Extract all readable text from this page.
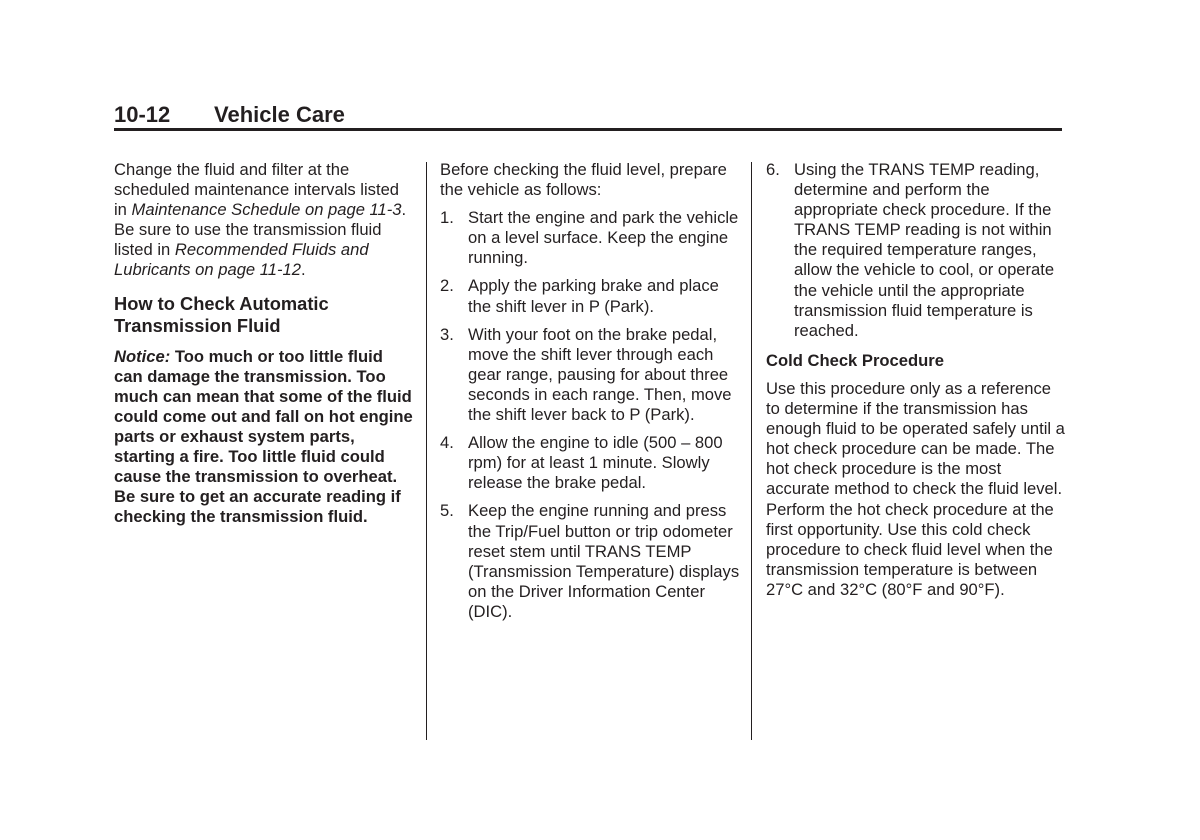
10-12 Vehicle Care

Change the fluid and filter at the scheduled maintenance intervals listed in Maintenance Schedule on page 11-3. Be sure to use the transmission fluid listed in Recommended Fluids and Lubricants on page 11-12.

How to Check Automatic Transmission Fluid

Notice: Too much or too little fluid can damage the transmission. Too much can mean that some of the fluid could come out and fall on hot engine parts or exhaust system parts, starting a fire. Too little fluid could cause the transmission to overheat. Be sure to get an accurate reading if checking the transmission fluid.

Before checking the fluid level, prepare the vehicle as follows:

1. Start the engine and park the vehicle on a level surface. Keep the engine running.
2. Apply the parking brake and place the shift lever in P (Park).
3. With your foot on the brake pedal, move the shift lever through each gear range, pausing for about three seconds in each range. Then, move the shift lever back to P (Park).
4. Allow the engine to idle (500 – 800 rpm) for at least 1 minute. Slowly release the brake pedal.
5. Keep the engine running and press the Trip/Fuel button or trip odometer reset stem until TRANS TEMP (Transmission Temperature) displays on the Driver Information Center (DIC).
6. Using the TRANS TEMP reading, determine and perform the appropriate check procedure. If the TRANS TEMP reading is not within the required temperature ranges, allow the vehicle to cool, or operate the vehicle until the appropriate transmission fluid temperature is reached.
Cold Check Procedure

Use this procedure only as a reference to determine if the transmission has enough fluid to be operated safely until a hot check procedure can be made. The hot check procedure is the most accurate method to check the fluid level. Perform the hot check procedure at the first opportunity. Use this cold check procedure to check fluid level when the transmission temperature is between 27°C and 32°C (80°F and 90°F).
